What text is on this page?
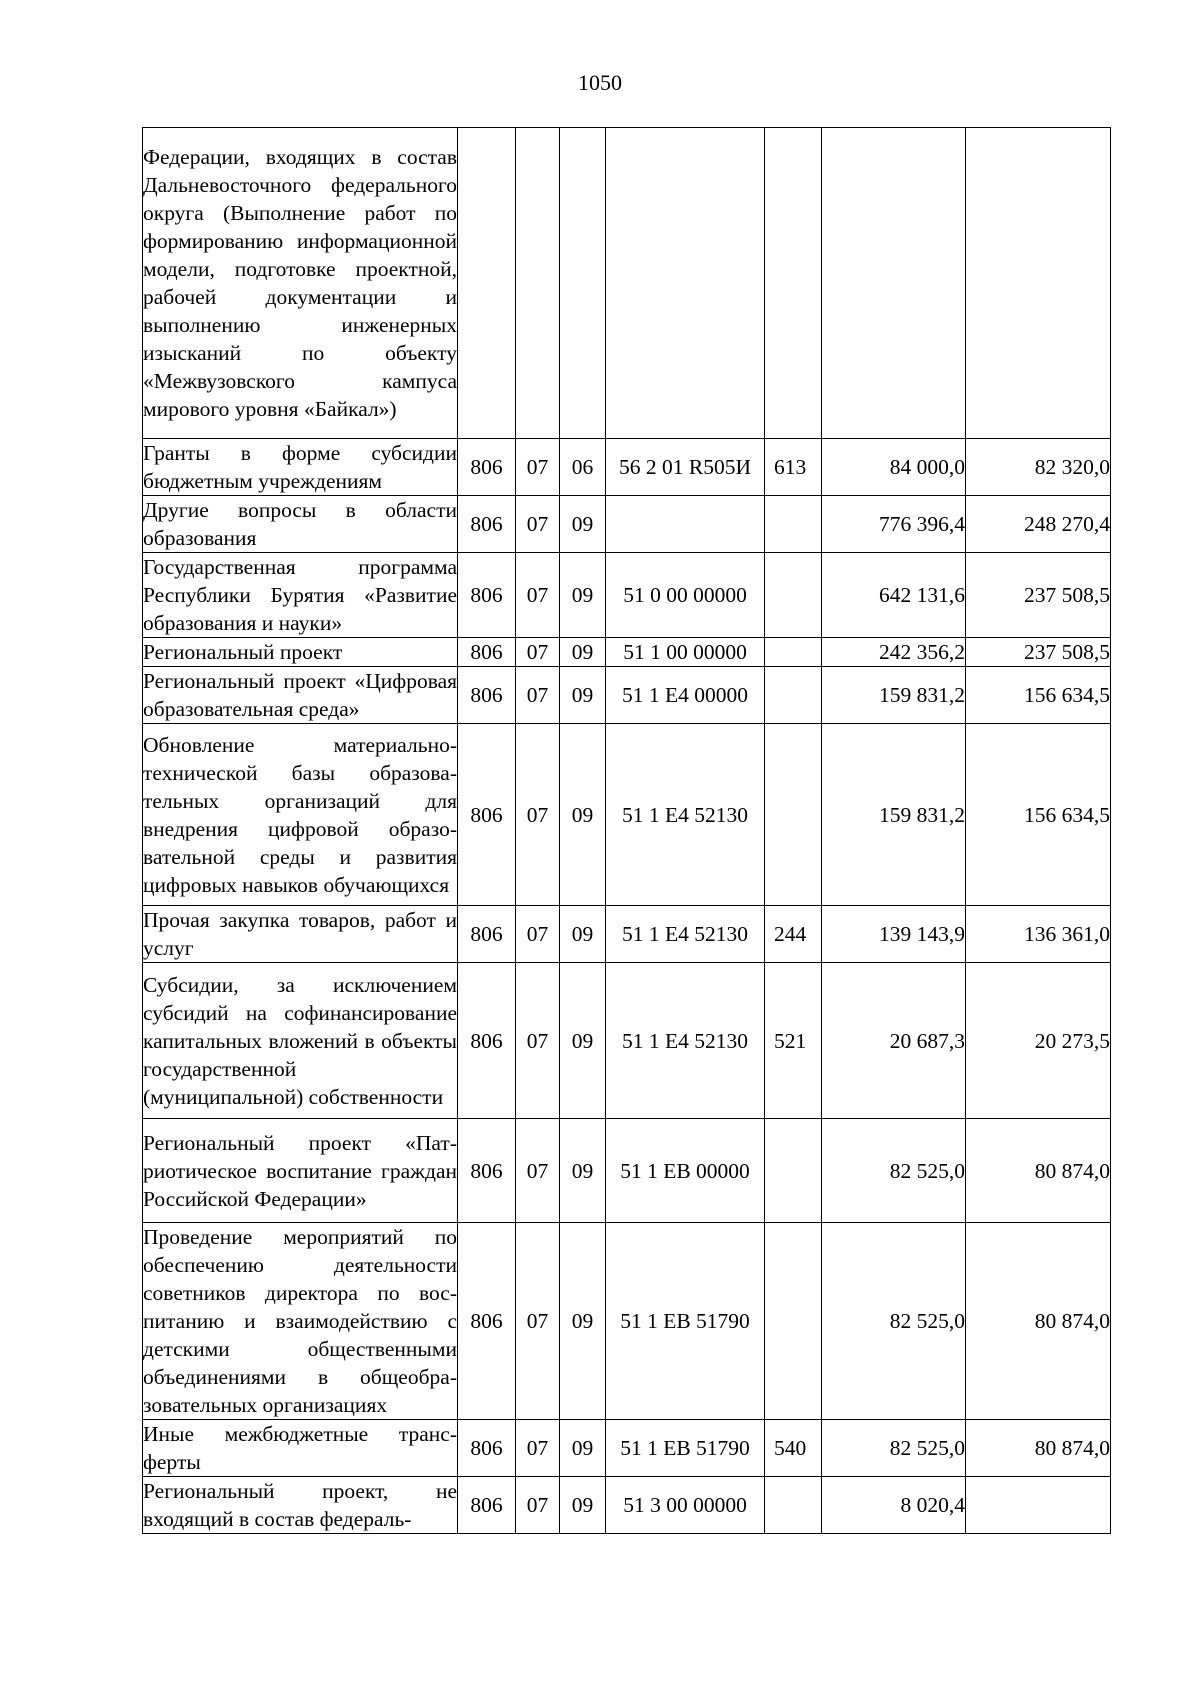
1050
Федерации, входящих в состав Дальневосточного федерального округа (Выполнение работ по формированию информационной модели, подготовке проектной, рабочей документации и выполнению инженерных изысканий по объекту «Межвузовского кампуса мирового уровня «Байкал»)							
Гранты в форме субсидии бюджетным учреждениям	806	07	06	56 2 01 R505И	613	84 000,0	82 320,0
Другие вопросы в области образования	806	07	09			776 396,4	248 270,4
Государственная программа Республики Бурятия «Развитие образования и науки»	806	07	09	51 0 00 00000		642 131,6	237 508,5
Региональный проект	806	07	09	51 1 00 00000		242 356,2	237 508,5
Региональный проект «Цифровая образовательная среда»	806	07	09	51 1 E4 00000		159 831,2	156 634,5
Обновление материально-технической базы образовательных организаций для внедрения цифровой образовательной среды и развития цифровых навыков обучающихся	806	07	09	51 1 E4 52130		159 831,2	156 634,5
Прочая закупка товаров, работ и услуг	806	07	09	51 1 E4 52130	244	139 143,9	136 361,0
Субсидии, за исключением субсидий на софинансирование капитальных вложений в объекты государственной (муниципальной) собственности	806	07	09	51 1 E4 52130	521	20 687,3	20 273,5
Региональный проект «Патриотическое воспитание граждан Российской Федерации»	806	07	09	51 1 EB 00000		82 525,0	80 874,0
Проведение мероприятий по обеспечению деятельности советников директора по воспитанию и взаимодействию с детскими общественными объединениями в общеобразовательных организациях	806	07	09	51 1 EB 51790		82 525,0	80 874,0
Иные межбюджетные трансферты	806	07	09	51 1 EB 51790	540	82 525,0	80 874,0
Региональный проект, не входящий в состав федераль-	806	07	09	51 3 00 00000		8 020,4	
